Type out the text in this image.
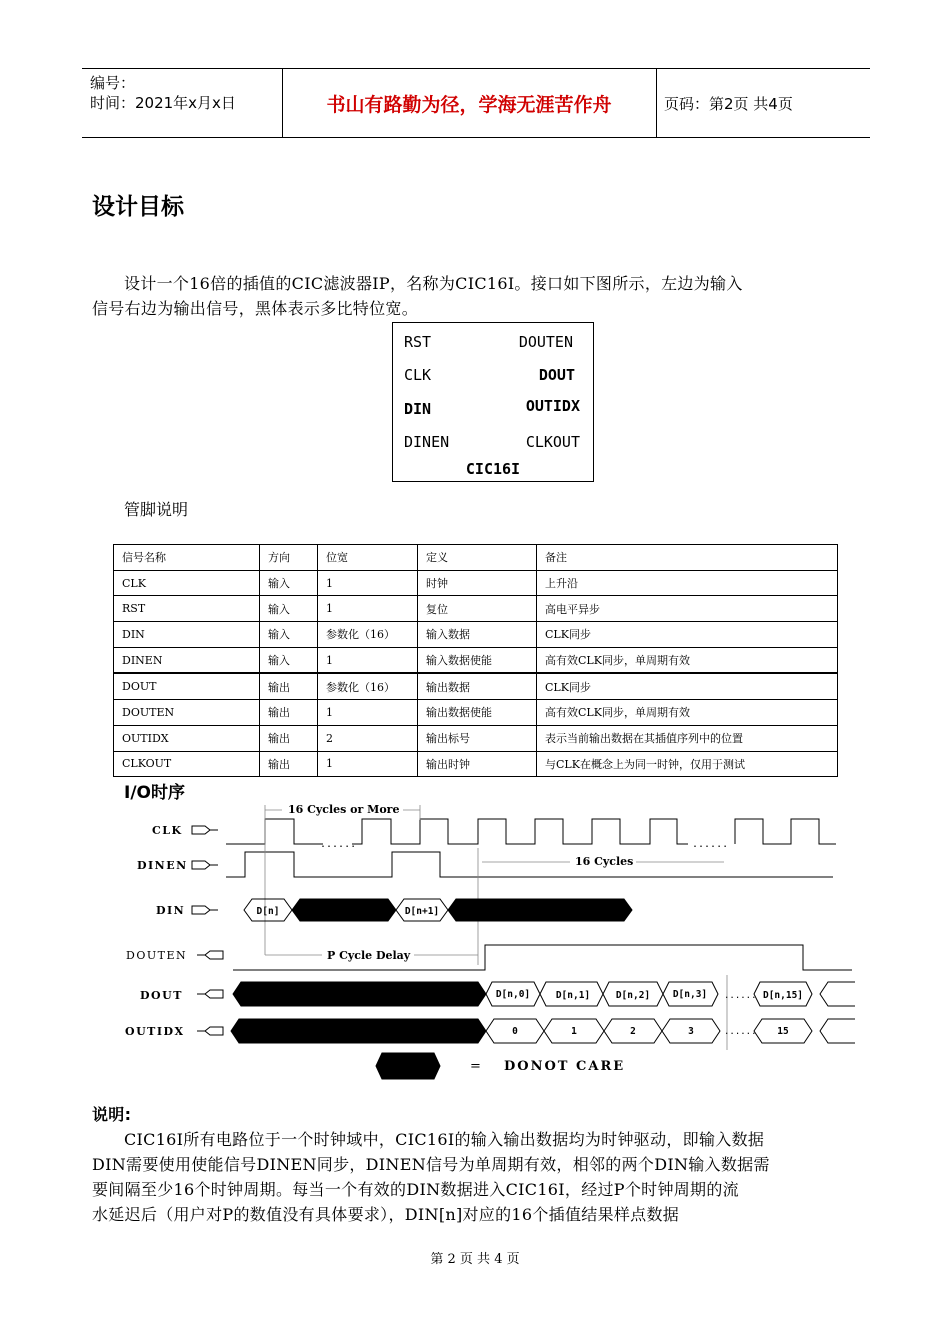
编号：
时间：2021年x月x日	书山有路勤为径，学海无涯苦作舟	页码：第2页 共4页
设计目标
设计一个16倍的插值的CIC滤波器IP，名称为CIC16I。接口如下图所示，左边为输入
信号右边为输出信号，黑体表示多比特位宽。
RST
CLK
DIN
DINEN
DOUTEN
DOUT
OUTIDX
CLKOUT
CIC16I
管脚说明
信号名称	方向	位宽	定义	备注
CLK	输入	1	时钟	上升沿
RST	输入	1	复位	高电平异步
DIN	输入	参数化（16）	输入数据	CLK同步
DINEN	输入	1	输入数据使能	高有效CLK同步，单周期有效
DOUT	输出	参数化（16）	输出数据	CLK同步
DOUTEN	输出	1	输出数据使能	高有效CLK同步，单周期有效
OUTIDX	输出	2	输出标号	表示当前输出数据在其插值序列中的位置
CLKOUT	输出	1	输出时钟	与CLK在概念上为同一时钟，仅用于测试
I/O时序
CLK
DINEN
DIN
DOUTEN
DOUT
OUTIDX
16 Cycles or More
16 Cycles
P Cycle Delay
......	......
......
......
D[n]	D[n+1]
D[n,0]	D[n,1]	D[n,2] D[n,3]	D[n,15]
0	1	2	3	15
= DONOT CARE
说明:
CIC16I所有电路位于一个时钟域中，CIC16I的输入输出数据均为时钟驱动，即输入数据
DIN需要使用使能信号DINEN同步，DINEN信号为单周期有效，相邻的两个DIN输入数据需
要间隔至少16个时钟周期。每当一个有效的DIN数据进入CIC16I，经过P个时钟周期的流
水延迟后（用户对P的数值没有具体要求），DIN[n]对应的16个插值结果样点数据
第 2 页 共 4 页
